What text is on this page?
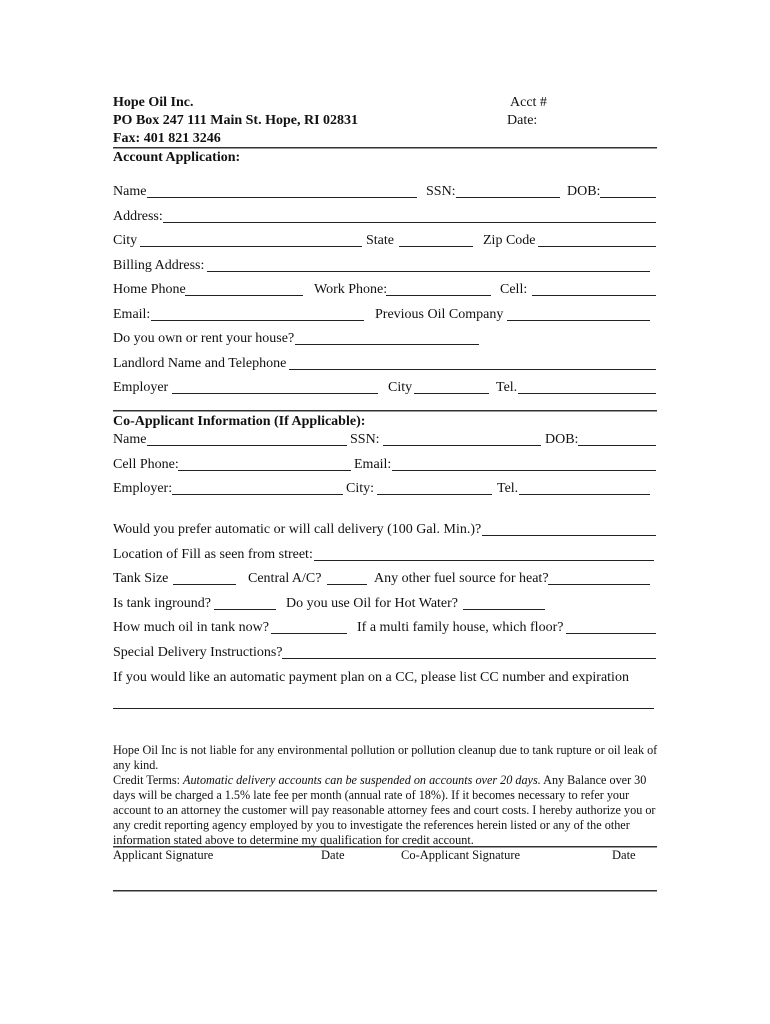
Hope Oil Inc.
PO Box 247 111 Main St. Hope, RI 02831
Fax: 401 821 3246
Acct #
Date:
Account Application:
Name	SSN:	DOB:
Address:
City	State	Zip Code
Billing Address:
Home Phone	Work Phone:	Cell:
Email:	Previous Oil Company
Do you own or rent your house?
Landlord Name and Telephone
Employer	City	Tel.
Co-Applicant Information (If Applicable):
Name	SSN:	DOB:
Cell Phone:	Email:
Employer:	City:	Tel.
Would you prefer automatic or will call delivery (100 Gal. Min.)?
Location of Fill as seen from street:
Tank Size	Central A/C?	Any other fuel source for heat?
Is tank inground?	Do you use Oil for Hot Water?
How much oil in tank now?	If a multi family house, which floor?
Special Delivery Instructions?
If you would like an automatic payment plan on a CC, please list CC number and expiration
Hope Oil Inc is not liable for any environmental pollution or pollution cleanup due to tank rupture or oil leak of any kind.
Credit Terms: Automatic delivery accounts can be suspended on accounts over 20 days. Any Balance over 30 days will be charged a 1.5% late fee per month (annual rate of 18%). If it becomes necessary to refer your account to an attorney the customer will pay reasonable attorney fees and court costs. I hereby authorize you or any credit reporting agency employed by you to investigate the references herein listed or any of the other information stated above to determine my qualification for credit account.
Applicant Signature	Date	Co-Applicant Signature	Date
